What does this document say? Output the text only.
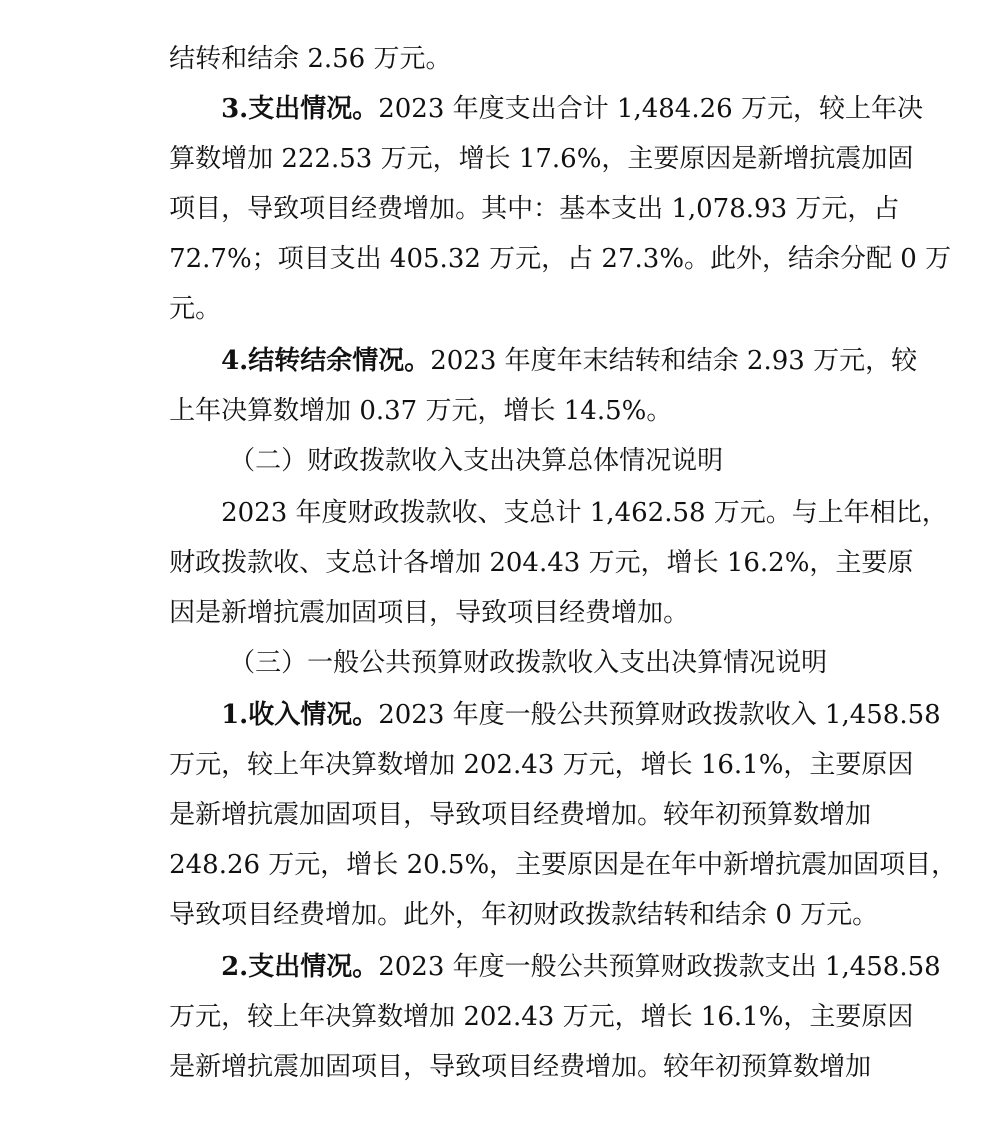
结转和结余 2.56 万元。

3.支出情况。2023 年度支出合计 1,484.26 万元，较上年决

算数增加 222.53 万元，增长 17.6%，主要原因是新增抗震加固

项目，导致项目经费增加。其中：基本支出 1,078.93 万元，占

72.7%；项目支出 405.32 万元，占 27.3%。此外，结余分配 0 万

元。

4.结转结余情况。2023 年度年末结转和结余 2.93 万元，较

上年决算数增加 0.37 万元，增长 14.5%。

（二）财政拨款收入支出决算总体情况说明

2023 年度财政拨款收、支总计 1,462.58 万元。与上年相比，

财政拨款收、支总计各增加 204.43 万元，增长 16.2%，主要原

因是新增抗震加固项目，导致项目经费增加。

（三）一般公共预算财政拨款收入支出决算情况说明

1.收入情况。2023 年度一般公共预算财政拨款收入 1,458.58

万元，较上年决算数增加 202.43 万元，增长 16.1%，主要原因

是新增抗震加固项目，导致项目经费增加。较年初预算数增加

248.26 万元，增长 20.5%，主要原因是在年中新增抗震加固项目，

导致项目经费增加。此外，年初财政拨款结转和结余 0 万元。

2.支出情况。2023 年度一般公共预算财政拨款支出 1,458.58

万元，较上年决算数增加 202.43 万元，增长 16.1%，主要原因

是新增抗震加固项目，导致项目经费增加。较年初预算数增加
